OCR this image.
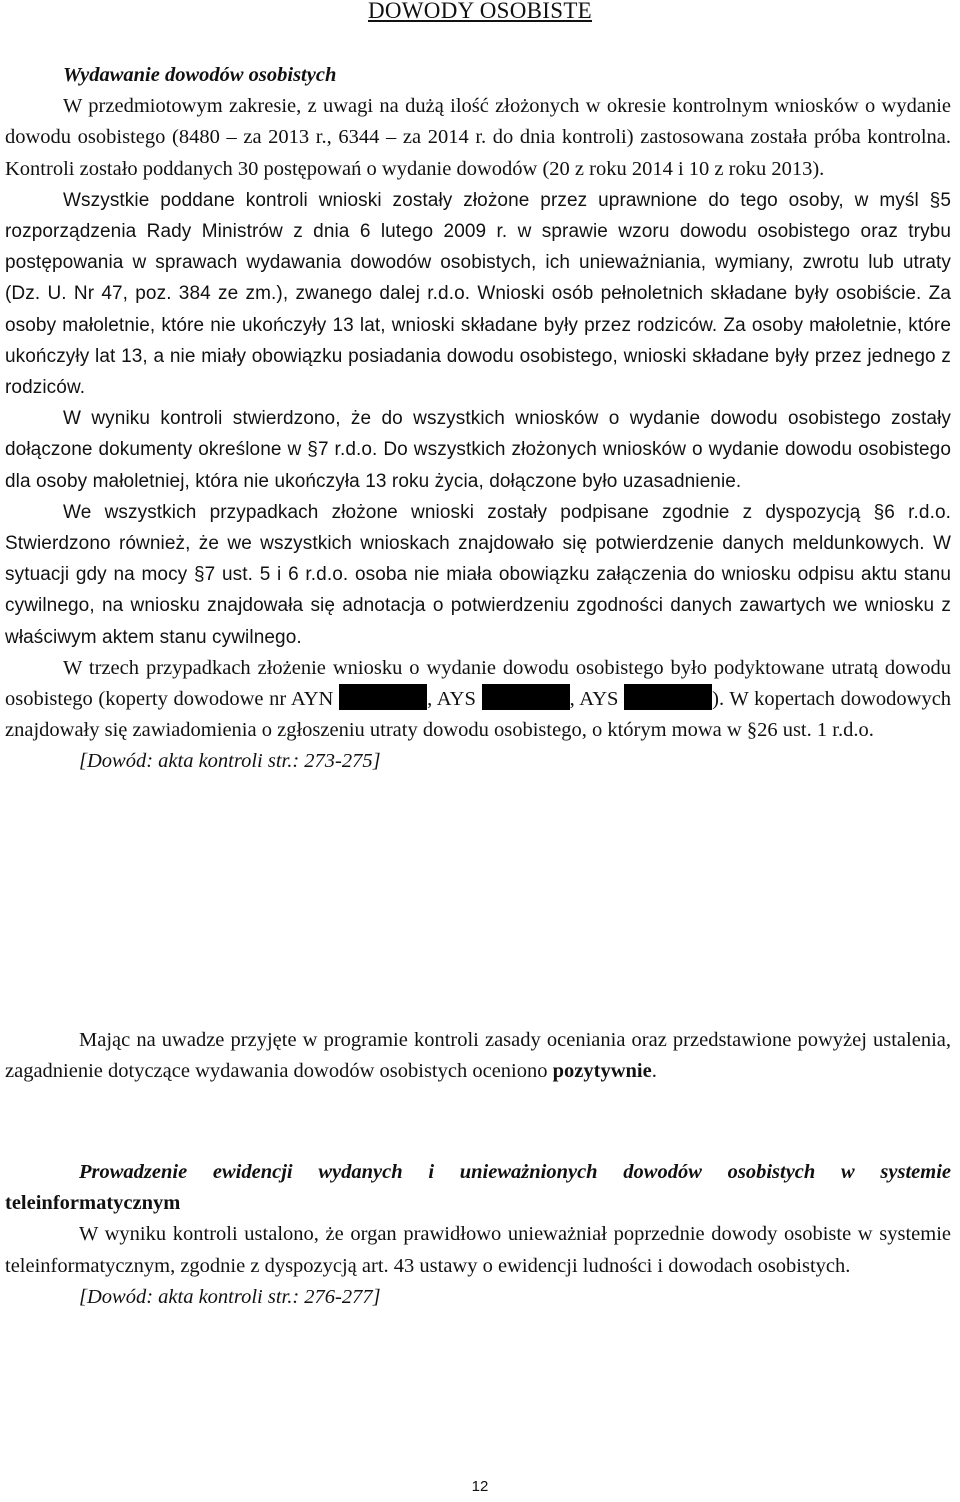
DOWODY OSOBISTE

Wydawanie dowodów osobistych

W przedmiotowym zakresie, z uwagi na dużą ilość złożonych w okresie kontrolnym wniosków o wydanie dowodu osobistego (8480 – za 2013 r., 6344 – za 2014 r. do dnia kontroli) zastosowana została próba kontrolna. Kontroli zostało poddanych 30 postępowań o wydanie dowodów (20 z roku 2014 i 10 z roku 2013).

Wszystkie poddane kontroli wnioski zostały złożone przez uprawnione do tego osoby, w myśl §5 rozporządzenia Rady Ministrów z dnia 6 lutego 2009 r. w sprawie wzoru dowodu osobistego oraz trybu postępowania w sprawach wydawania dowodów osobistych, ich unieważniania, wymiany, zwrotu lub utraty (Dz. U. Nr 47, poz. 384 ze zm.), zwanego dalej r.d.o. Wnioski osób pełnoletnich składane były osobiście. Za osoby małoletnie, które nie ukończyły 13 lat, wnioski składane były przez rodziców. Za osoby małoletnie, które ukończyły lat 13, a nie miały obowiązku posiadania dowodu osobistego, wnioski składane były przez jednego z rodziców.

W wyniku kontroli stwierdzono, że do wszystkich wniosków o wydanie dowodu osobistego zostały dołączone dokumenty określone w §7 r.d.o. Do wszystkich złożonych wniosków o wydanie dowodu osobistego dla osoby małoletniej, która nie ukończyła 13 roku życia, dołączone było uzasadnienie.

We wszystkich przypadkach złożone wnioski zostały podpisane zgodnie z dyspozycją §6 r.d.o. Stwierdzono również, że we wszystkich wnioskach znajdowało się potwierdzenie danych meldunkowych. W sytuacji gdy na mocy §7 ust. 5 i 6 r.d.o. osoba nie miała obowiązku załączenia do wniosku odpisu aktu stanu cywilnego, na wniosku znajdowała się adnotacja o potwierdzeniu zgodności danych zawartych we wniosku z właściwym aktem stanu cywilnego.

W trzech przypadkach złożenie wniosku o wydanie dowodu osobistego było podyktowane utratą dowodu osobistego (koperty dowodowe nr AYN	, AYS	, AYS	). W kopertach dowodowych znajdowały się zawiadomienia o zgłoszeniu utraty dowodu osobistego, o którym mowa w §26 ust. 1 r.d.o.

[Dowód: akta kontroli str.: 273-275]

Mając na uwadze przyjęte w programie kontroli zasady oceniania oraz przedstawione powyżej ustalenia, zagadnienie dotyczące wydawania dowodów osobistych oceniono pozytywnie.

Prowadzenie ewidencji wydanych i unieważnionych dowodów osobistych w systemie teleinformatycznym

W wyniku kontroli ustalono, że organ prawidłowo unieważniał poprzednie dowody osobiste w systemie teleinformatycznym, zgodnie z dyspozycją art. 43 ustawy o ewidencji ludności i dowodach osobistych.

[Dowód: akta kontroli str.: 276-277]
12
